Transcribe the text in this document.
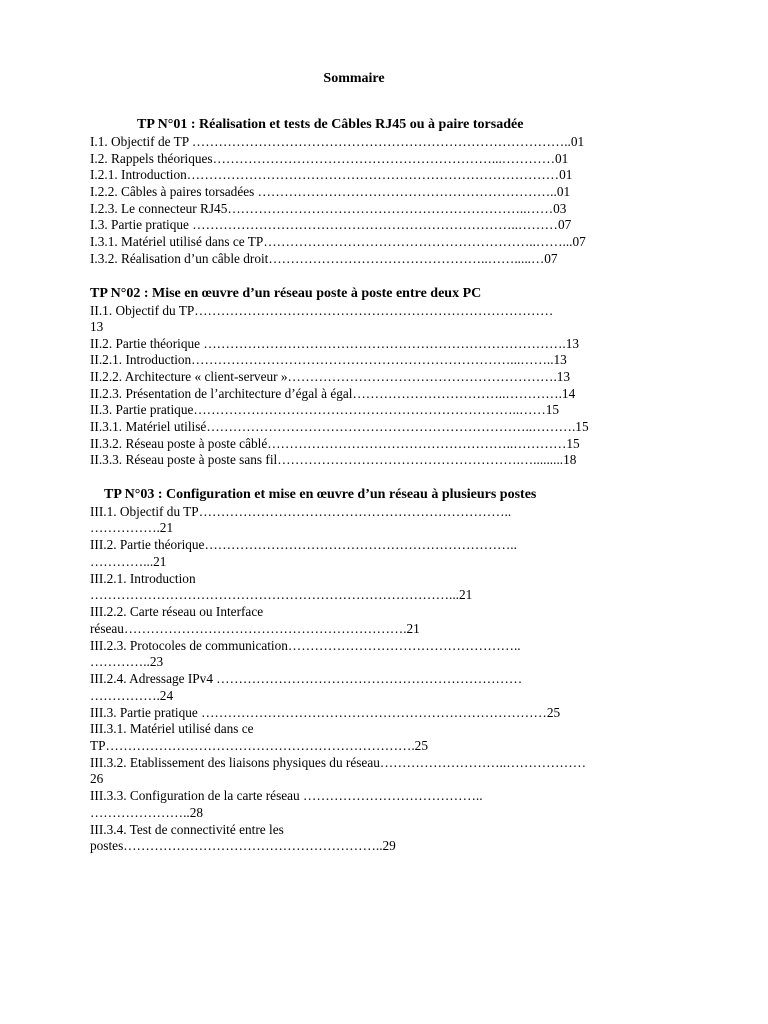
Sommaire
TP N°01 : Réalisation et tests de Câbles RJ45 ou à paire torsadée
I.1. Objectif de TP …………………………………………………………………………..01
I.2. Rappels théoriques………………………………………………………...…………01
I.2.1. Introduction…………………………………………………………………………01
I.2.2. Câbles à paires torsadées …………………………………………………………..01
I.2.3. Le connecteur RJ45…………………………………………………………..……03
I.3. Partie pratique ………………………………………………………………..………07
I.3.1. Matériel utilisé dans ce TP……………………………………………………..……...07
I.3.2. Réalisation d’un câble droit…………………………………………..…….....…07
TP N°02 : Mise en œuvre d’un réseau poste à poste entre deux PC
II.1. Objectif du TP………………………………………………………………………
13
II.2. Partie théorique ……………………………………………………………………….13
II.2.1. Introduction………………………………………………………………...……..13
II.2.2. Architecture « client-serveur »…………………………………………………….13
II.2.3. Présentation de l’architecture d’égal à égal……………………………..………….14
II.3. Partie pratique………………………………………………………………..……15
II.3.1. Matériel utilisé………………………………………………………………..……….15
II.3.2. Réseau poste à poste câblé………………………………………………..…………15
II.3.3. Réseau poste à poste sans fil……………………………………………….….........18
TP N°03 : Configuration et mise en œuvre d’un réseau à plusieurs postes
III.1. Objectif du TP……………………………………………………………..
…………….21
III.2. Partie théorique……………………………………………………………..
…………...21
III.2.1. Introduction
………………………………………………………………………...21
III.2.2. Carte réseau ou Interface
réseau……………………………………………………….21
III.2.3. Protocoles de communication……………………………………………..
…………..23
III.2.4. Adressage IPv4 ……………………………………………………………
…………….24
III.3. Partie pratique ……………………………………………………………………25
III.3.1. Matériel utilisé dans ce
TP…………………………………………………………….25
III.3.2. Etablissement des liaisons physiques du réseau………………………..………………
26
III.3.3. Configuration de la carte réseau …………………………………..
…………………..28
III.3.4. Test de connectivité entre les
postes…………………………………………………..29
